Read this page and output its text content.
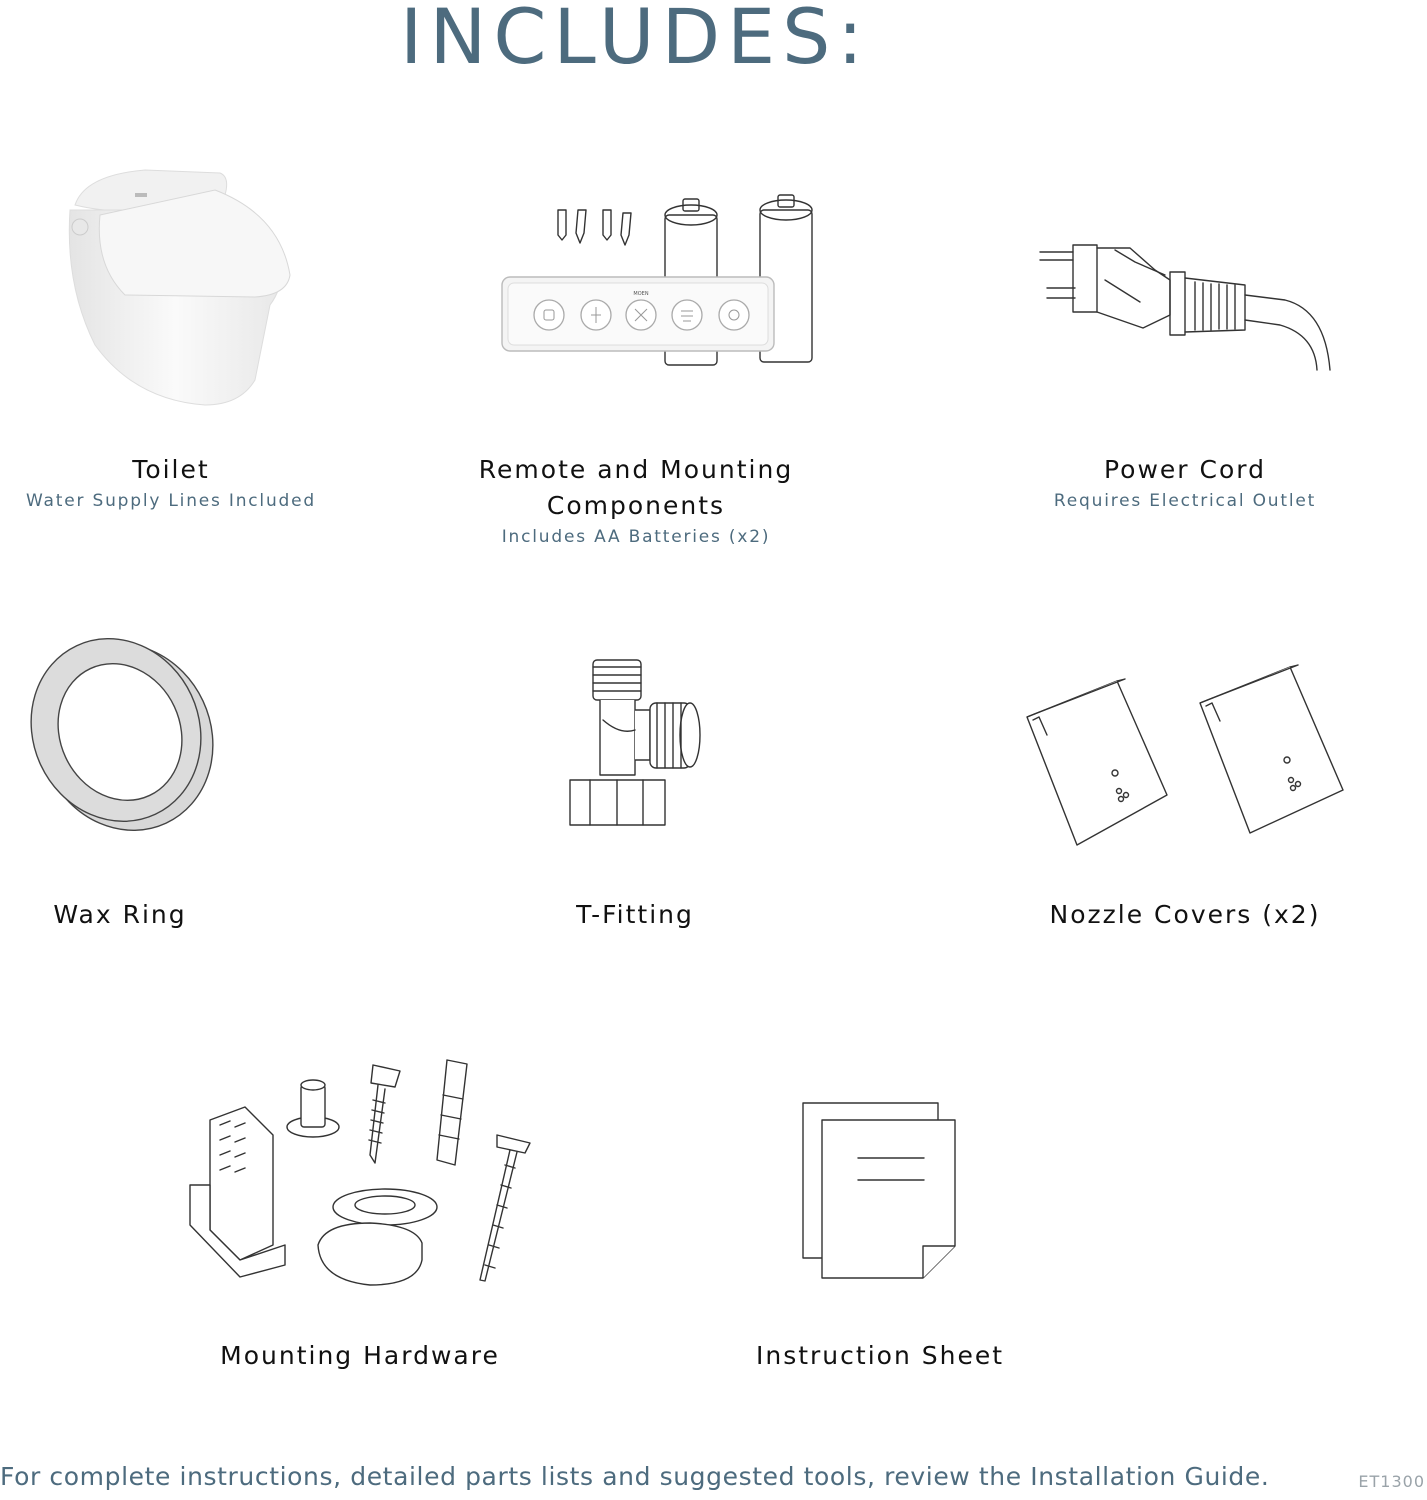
INCLUDES:
Toilet
Water Supply Lines Included
MOEN
Remote and Mounting
Components
Includes AA Batteries (x2)
Power Cord
Requires Electrical Outlet
Wax Ring	T-Fitting	Nozzle Covers (x2)
Mounting Hardware	Instruction Sheet
For complete instructions, detailed parts lists and suggested tools, review the Installation Guide.	ET1300
